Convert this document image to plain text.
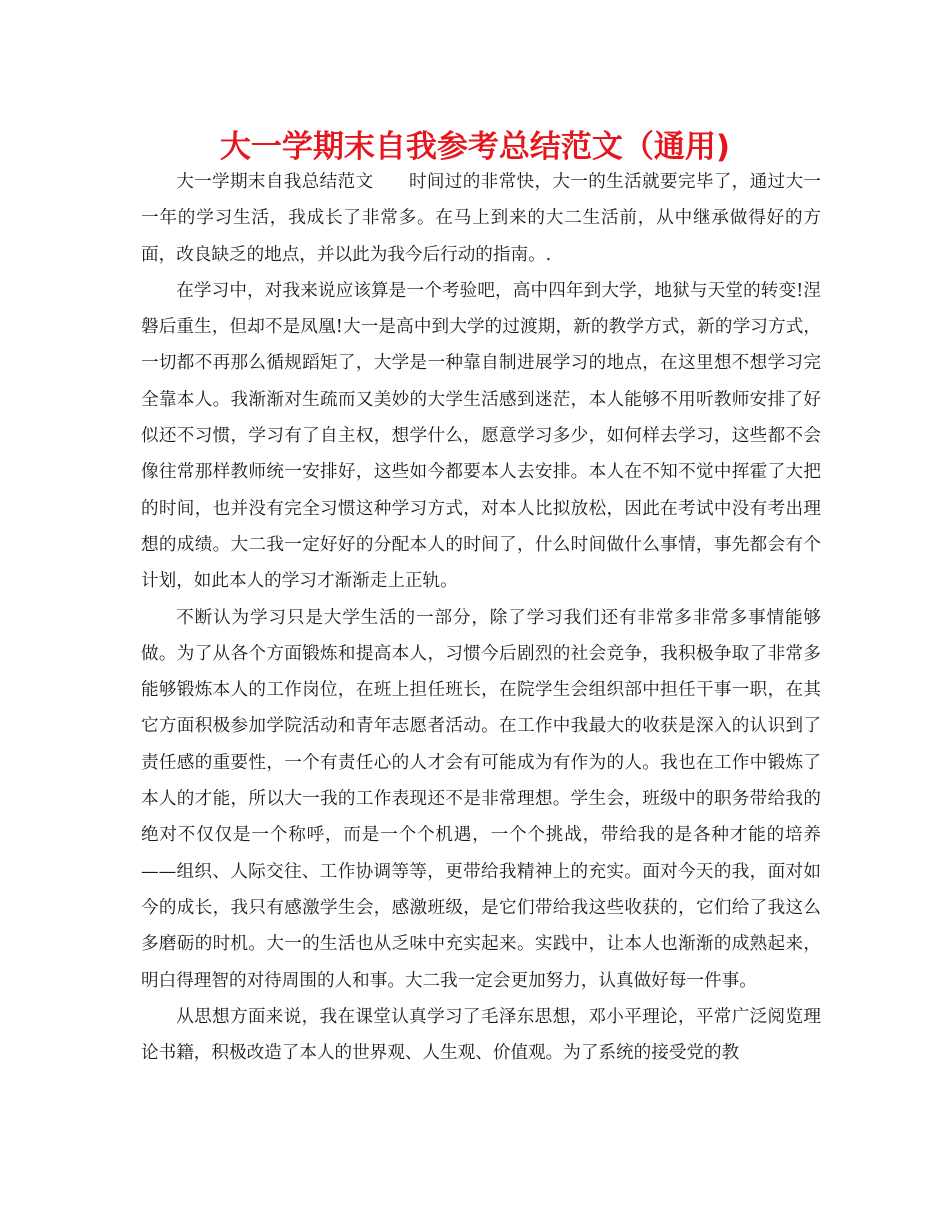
大一学期末自我参考总结范文（通用)

大一学期末自我总结范文 时间过的非常快，大一的生活就要完毕了，通过大一一年的学习生活，我成长了非常多。在马上到来的大二生活前，从中继承做得好的方面，改良缺乏的地点，并以此为我今后行动的指南。.

在学习中，对我来说应该算是一个考验吧，高中四年到大学，地狱与天堂的转变!涅磐后重生，但却不是凤凰!大一是高中到大学的过渡期，新的教学方式，新的学习方式，一切都不再那么循规蹈矩了，大学是一种靠自制进展学习的地点，在这里想不想学习完全靠本人。我渐渐对生疏而又美妙的大学生活感到迷茫，本人能够不用听教师安排了好似还不习惯，学习有了自主权，想学什么，愿意学习多少，如何样去学习，这些都不会像往常那样教师统一安排好，这些如今都要本人去安排。本人在不知不觉中挥霍了大把的时间，也并没有完全习惯这种学习方式，对本人比拟放松，因此在考试中没有考出理想的成绩。大二我一定好好的分配本人的时间了，什么时间做什么事情，事先都会有个计划，如此本人的学习才渐渐走上正轨。

不断认为学习只是大学生活的一部分，除了学习我们还有非常多非常多事情能够做。为了从各个方面锻炼和提高本人，习惯今后剧烈的社会竞争，我积极争取了非常多能够锻炼本人的工作岗位，在班上担任班长，在院学生会组织部中担任干事一职，在其它方面积极参加学院活动和青年志愿者活动。在工作中我最大的收获是深入的认识到了责任感的重要性，一个有责任心的人才会有可能成为有作为的人。我也在工作中锻炼了本人的才能，所以大一我的工作表现还不是非常理想。学生会，班级中的职务带给我的绝对不仅仅是一个称呼，而是一个个机遇，一个个挑战，带给我的是各种才能的培养——组织、人际交往、工作协调等等，更带给我精神上的充实。面对今天的我，面对如今的成长，我只有感激学生会，感激班级，是它们带给我这些收获的，它们给了我这么多磨砺的时机。大一的生活也从乏味中充实起来。实践中，让本人也渐渐的成熟起来，明白得理智的对待周围的人和事。大二我一定会更加努力，认真做好每一件事。

从思想方面来说，我在课堂认真学习了毛泽东思想，邓小平理论，平常广泛阅览理论书籍，积极改造了本人的世界观、人生观、价值观。为了系统的接受党的教
